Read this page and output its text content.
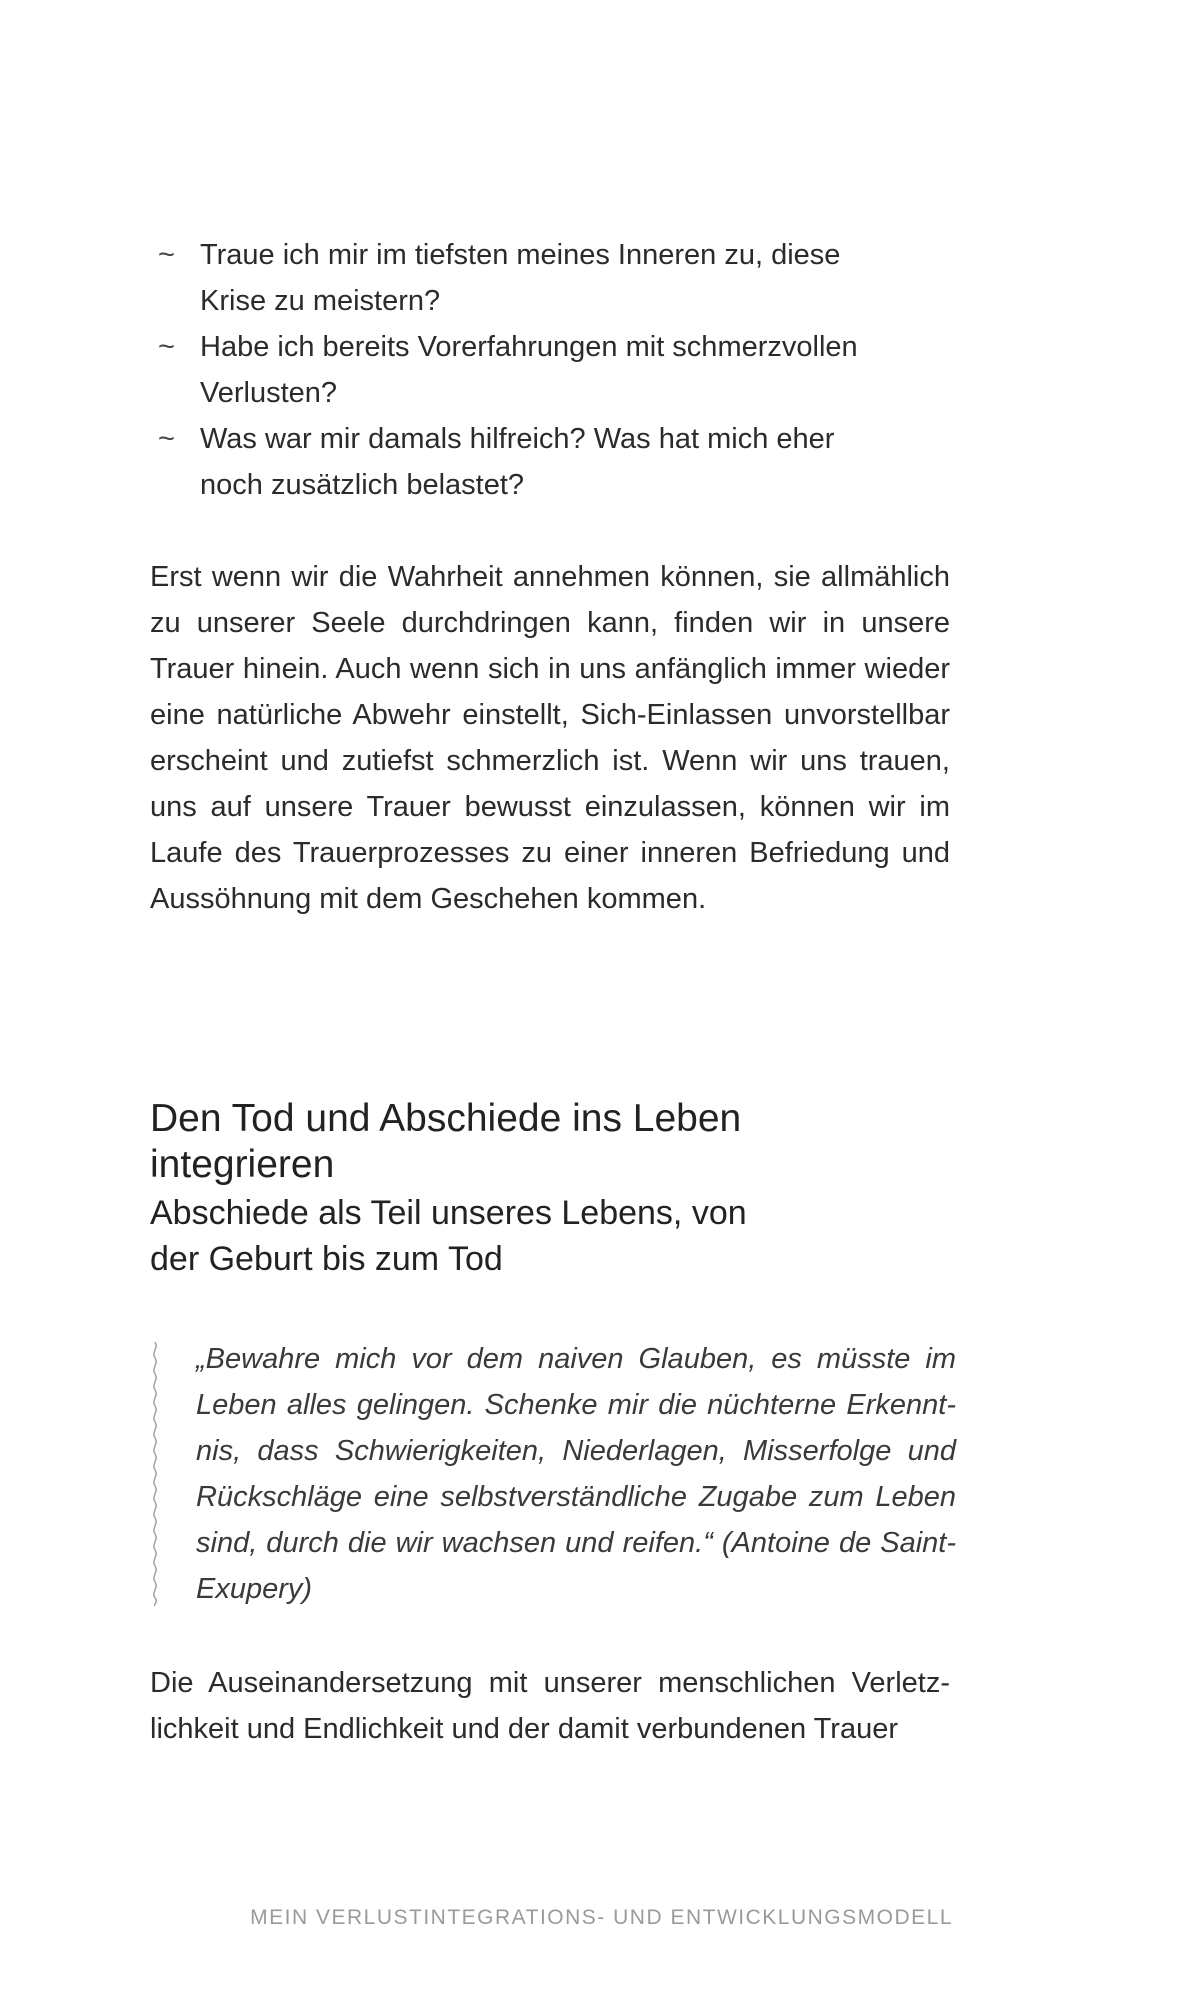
~ Traue ich mir im tiefsten meines Inneren zu, diese Krise zu meistern?
~ Habe ich bereits Vorerfahrungen mit schmerzvollen Verlusten?
~ Was war mir damals hilfreich? Was hat mich eher noch zusätzlich belastet?

Erst wenn wir die Wahrheit annehmen können, sie allmählich zu unserer Seele durchdringen kann, finden wir in unsere Trauer hinein. Auch wenn sich in uns anfänglich immer wieder eine natürliche Abwehr einstellt, Sich-Einlassen unvorstellbar erscheint und zutiefst schmerzlich ist. Wenn wir uns trauen, uns auf unsere Trauer bewusst einzulassen, können wir im Laufe des Trauerprozesses zu einer inneren Befriedung und Aussöhnung mit dem Geschehen kommen.

Den Tod und Abschiede ins Leben integrieren
Abschiede als Teil unseres Lebens, von der Geburt bis zum Tod

„Bewahre mich vor dem naiven Glauben, es müsste im Leben alles gelingen. Schenke mir die nüchterne Erkenntnis, dass Schwierigkeiten, Niederlagen, Misserfolge und Rückschläge eine selbstverständliche Zugabe zum Leben sind, durch die wir wachsen und reifen.“ (Antoine de Saint-Exupery)

Die Auseinandersetzung mit unserer menschlichen Verletzlichkeit und Endlichkeit und der damit verbundenen Trauer

MEIN VERLUSTINTEGRATIONS- UND ENTWICKLUNGSMODELL
